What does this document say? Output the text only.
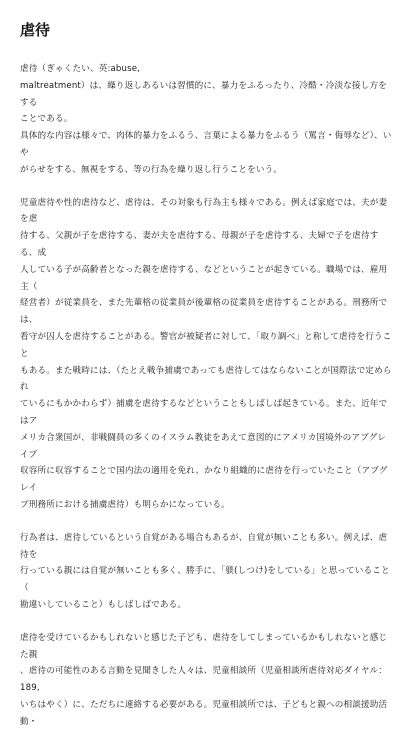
虐待
虐待（ぎゃくたい、英:abuse,
maltreatment）は、繰り返しあるいは習慣的に、暴力をふるったり、冷酷・冷淡な接し方をする
ことである。
具体的な内容は様々で、肉体的暴力をふるう、言葉による暴力をふるう（罵言・侮辱など）、いや
がらせをする、無視をする、等の行為を繰り返し行うことをいう。
児童虐待や性的虐待など、虐待は、その対象も行為主も様々である。例えば家庭では、夫が妻を虐
待する、父親が子を虐待する、妻が夫を虐待する、母親が子を虐待する、夫婦で子を虐待する、成
人している子が高齢者となった親を虐待する、などということが起きている。職場では、雇用主（
経営者）が従業員を、また先輩格の従業員が後輩格の従業員を虐待することがある。刑務所では、
看守が囚人を虐待することがある。警官が被疑者に対して、「取り調べ」と称して虐待を行うこと
もある。また戦時には、（たとえ戦争捕虜であっても虐待してはならないことが国際法で定められ
ているにもかかわらず）捕虜を虐待するなどということもしばしば起きている。また、近年ではア
メリカ合衆国が、非戦闘員の多くのイスラム教徒をあえて意図的にアメリカ国境外のアブグレイブ
収容所に収容することで国内法の適用を免れ、かなり組織的に虐待を行っていたこと（アブグレイ
ブ刑務所における捕虜虐待）も明らかになっている。
行為者は、虐待しているという自覚がある場合もあるが、自覚が無いことも多い。例えば、虐待を
行っている親には自覚が無いことも多く、勝手に、「躾(しつけ)をしている」と思っていること（
勘違いしていること）もしばしばである。
虐待を受けているかもしれないと感じた子ども、虐待をしてしまっているかもしれないと感じた親
、虐待の可能性のある言動を見聞きした人々は、児童相談所（児童相談所虐待対応ダイヤル：189,
いちはやく）に、ただちに連絡する必要がある。児童相談所では、子どもと親への相談援助活動・
